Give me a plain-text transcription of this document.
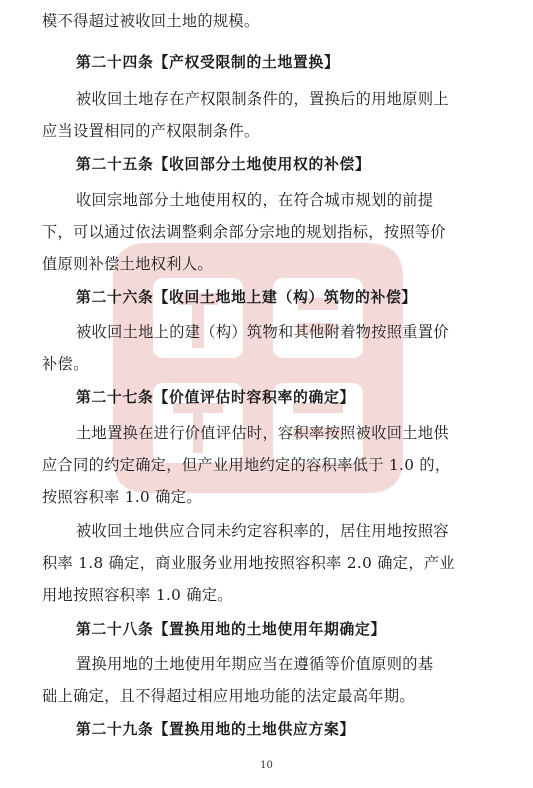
模不得超过被收回土地的规模。
第二十四条【产权受限制的土地置换】
被收回土地存在产权限制条件的，置换后的用地原则上
应当设置相同的产权限制条件。
第二十五条【收回部分土地使用权的补偿】
收回宗地部分土地使用权的，在符合城市规划的前提
下，可以通过依法调整剩余部分宗地的规划指标，按照等价
值原则补偿土地权利人。
第二十六条【收回土地地上建（构）筑物的补偿】
被收回土地上的建（构）筑物和其他附着物按照重置价
补偿。
第二十七条【价值评估时容积率的确定】
土地置换在进行价值评估时，容积率按照被收回土地供
应合同的约定确定，但产业用地约定的容积率低于 1.0 的，
按照容积率 1.0 确定。
被收回土地供应合同未约定容积率的，居住用地按照容
积率 1.8 确定，商业服务业用地按照容积率 2.0 确定，产业
用地按照容积率 1.0 确定。
第二十八条【置换用地的土地使用年期确定】
置换用地的土地使用年期应当在遵循等价值原则的基
础上确定，且不得超过相应用地功能的法定最高年期。
第二十九条【置换用地的土地供应方案】
10
